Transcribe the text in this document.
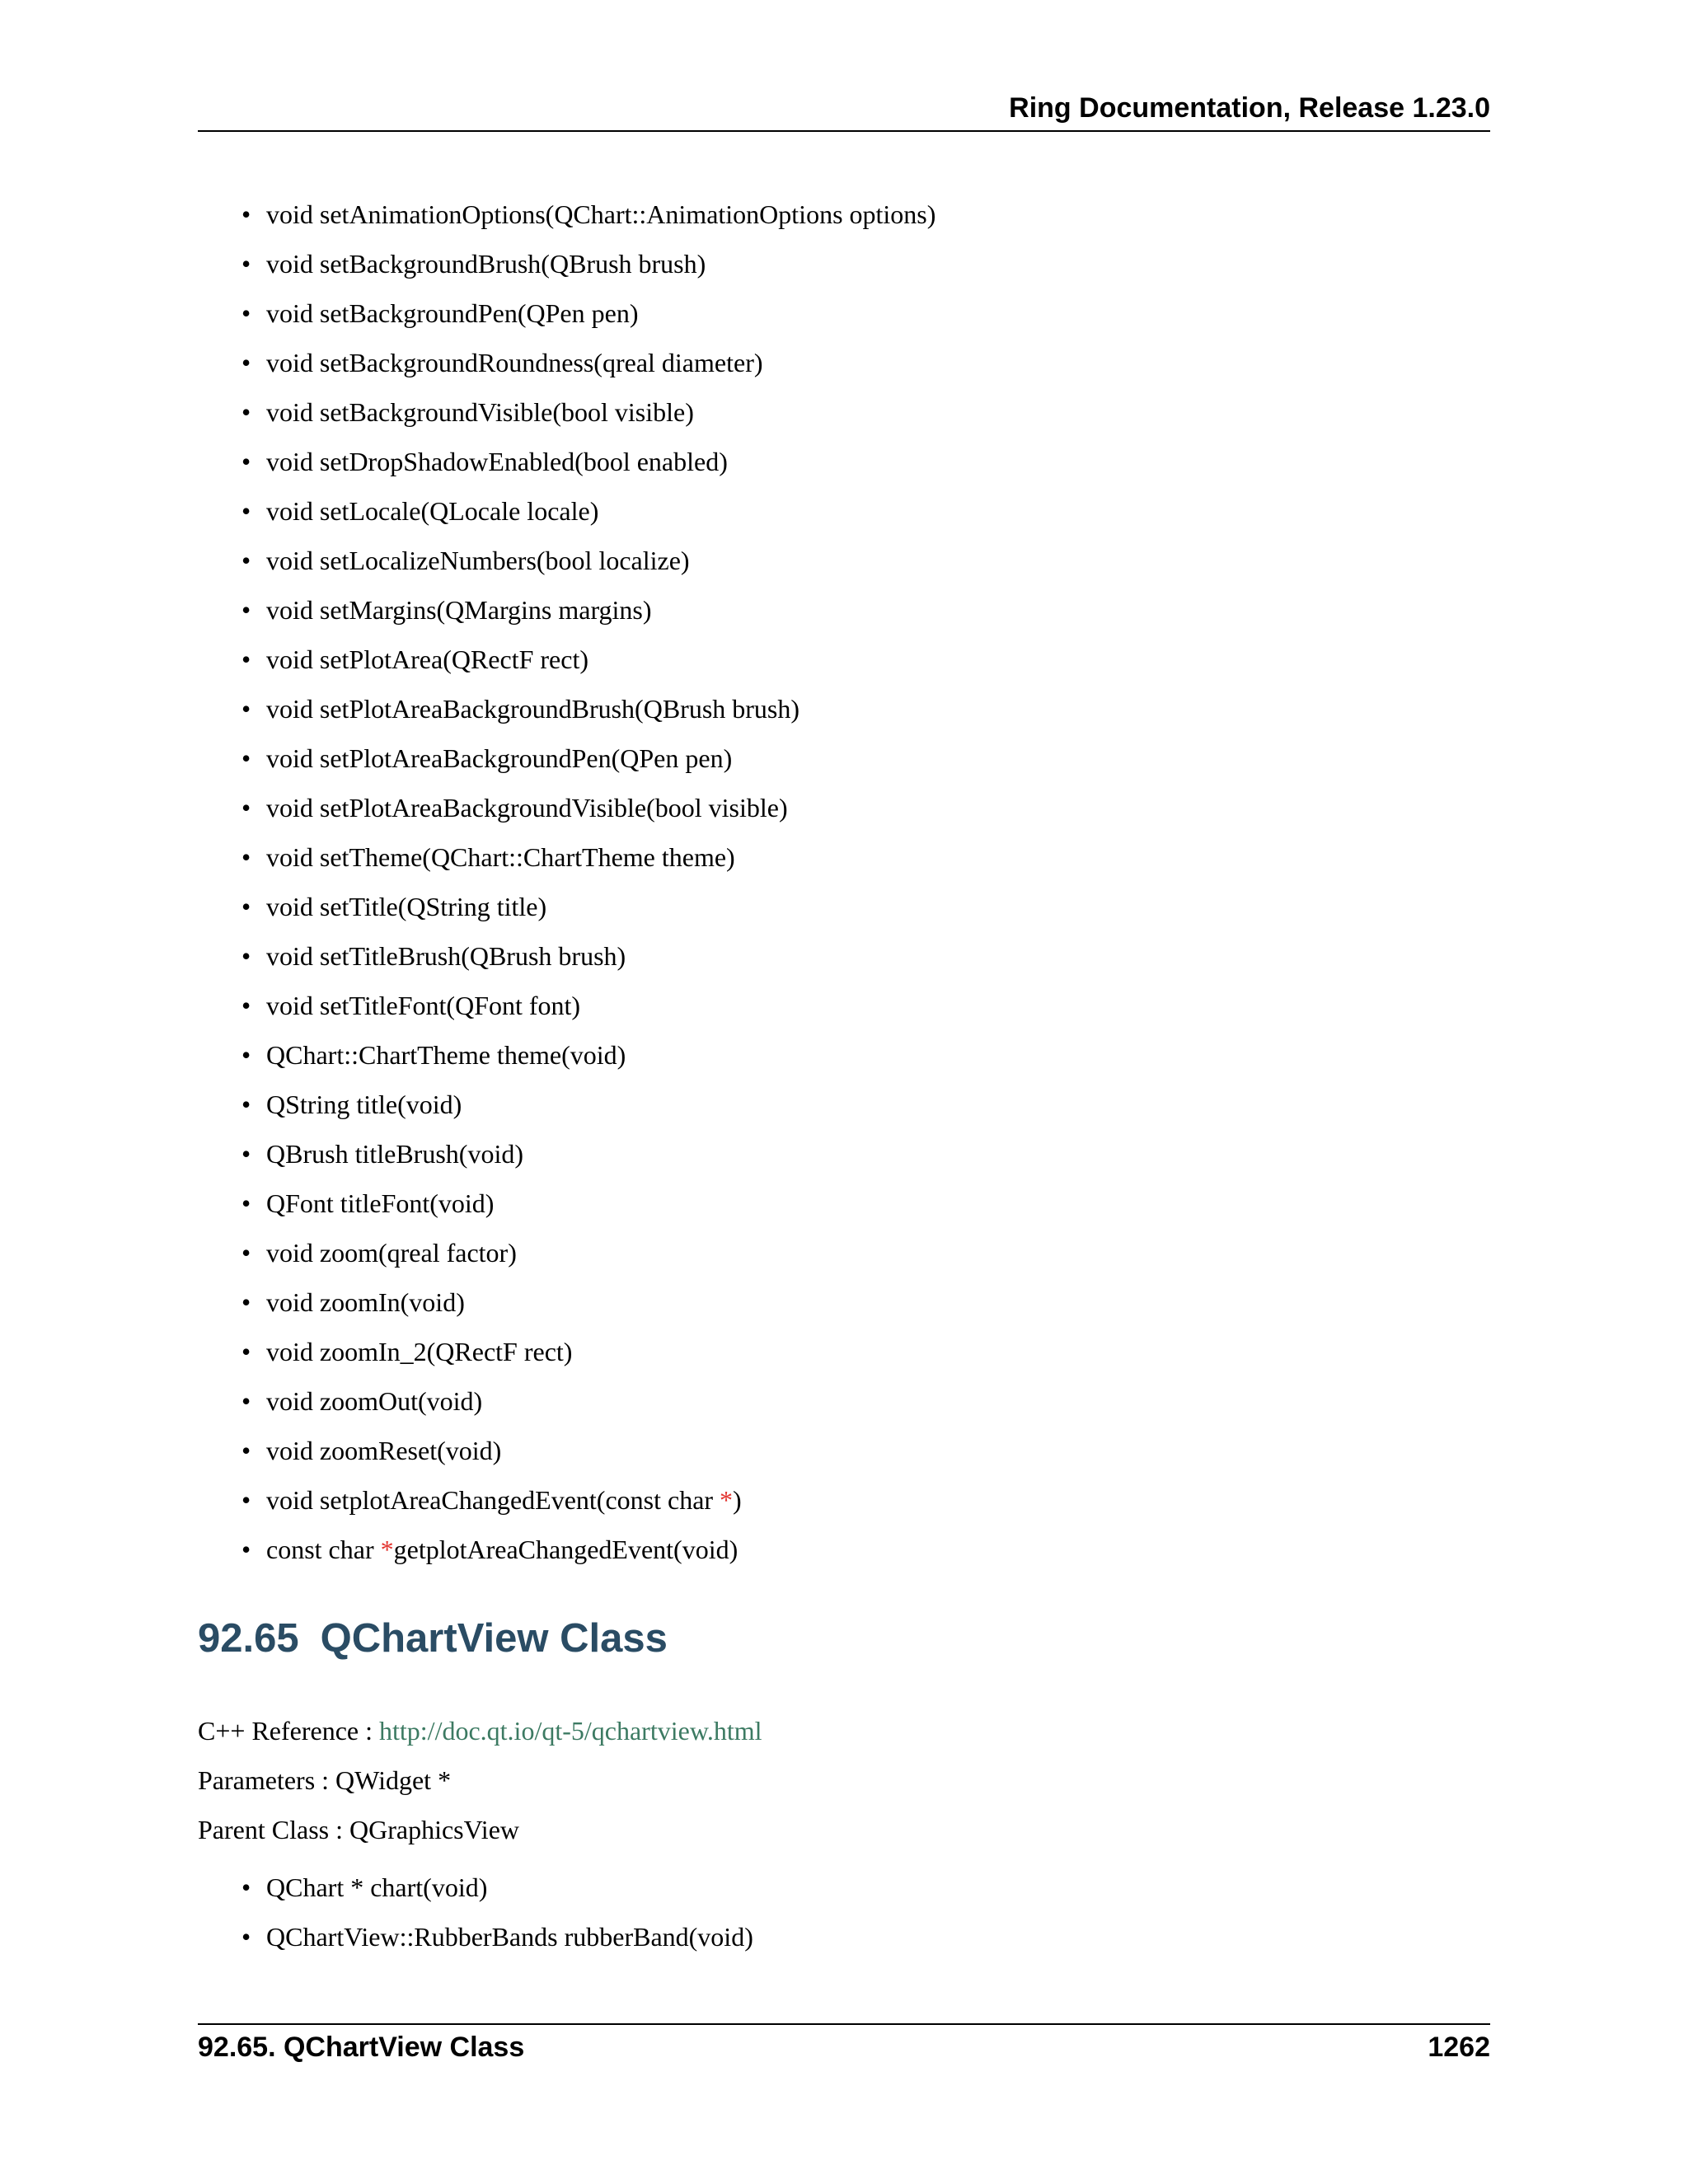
Ring Documentation, Release 1.23.0
• void setAnimationOptions(QChart::AnimationOptions options)
• void setBackgroundBrush(QBrush brush)
• void setBackgroundPen(QPen pen)
• void setBackgroundRoundness(qreal diameter)
• void setBackgroundVisible(bool visible)
• void setDropShadowEnabled(bool enabled)
• void setLocale(QLocale locale)
• void setLocalizeNumbers(bool localize)
• void setMargins(QMargins margins)
• void setPlotArea(QRectF rect)
• void setPlotAreaBackgroundBrush(QBrush brush)
• void setPlotAreaBackgroundPen(QPen pen)
• void setPlotAreaBackgroundVisible(bool visible)
• void setTheme(QChart::ChartTheme theme)
• void setTitle(QString title)
• void setTitleBrush(QBrush brush)
• void setTitleFont(QFont font)
• QChart::ChartTheme theme(void)
• QString title(void)
• QBrush titleBrush(void)
• QFont titleFont(void)
• void zoom(qreal factor)
• void zoomIn(void)
• void zoomIn_2(QRectF rect)
• void zoomOut(void)
• void zoomReset(void)
• void setplotAreaChangedEvent(const char *)
• const char *getplotAreaChangedEvent(void)
92.65 QChartView Class
C++ Reference : http://doc.qt.io/qt-5/qchartview.html
Parameters : QWidget *
Parent Class : QGraphicsView
• QChart * chart(void)
• QChartView::RubberBands rubberBand(void)
92.65. QChartView Class	1262
